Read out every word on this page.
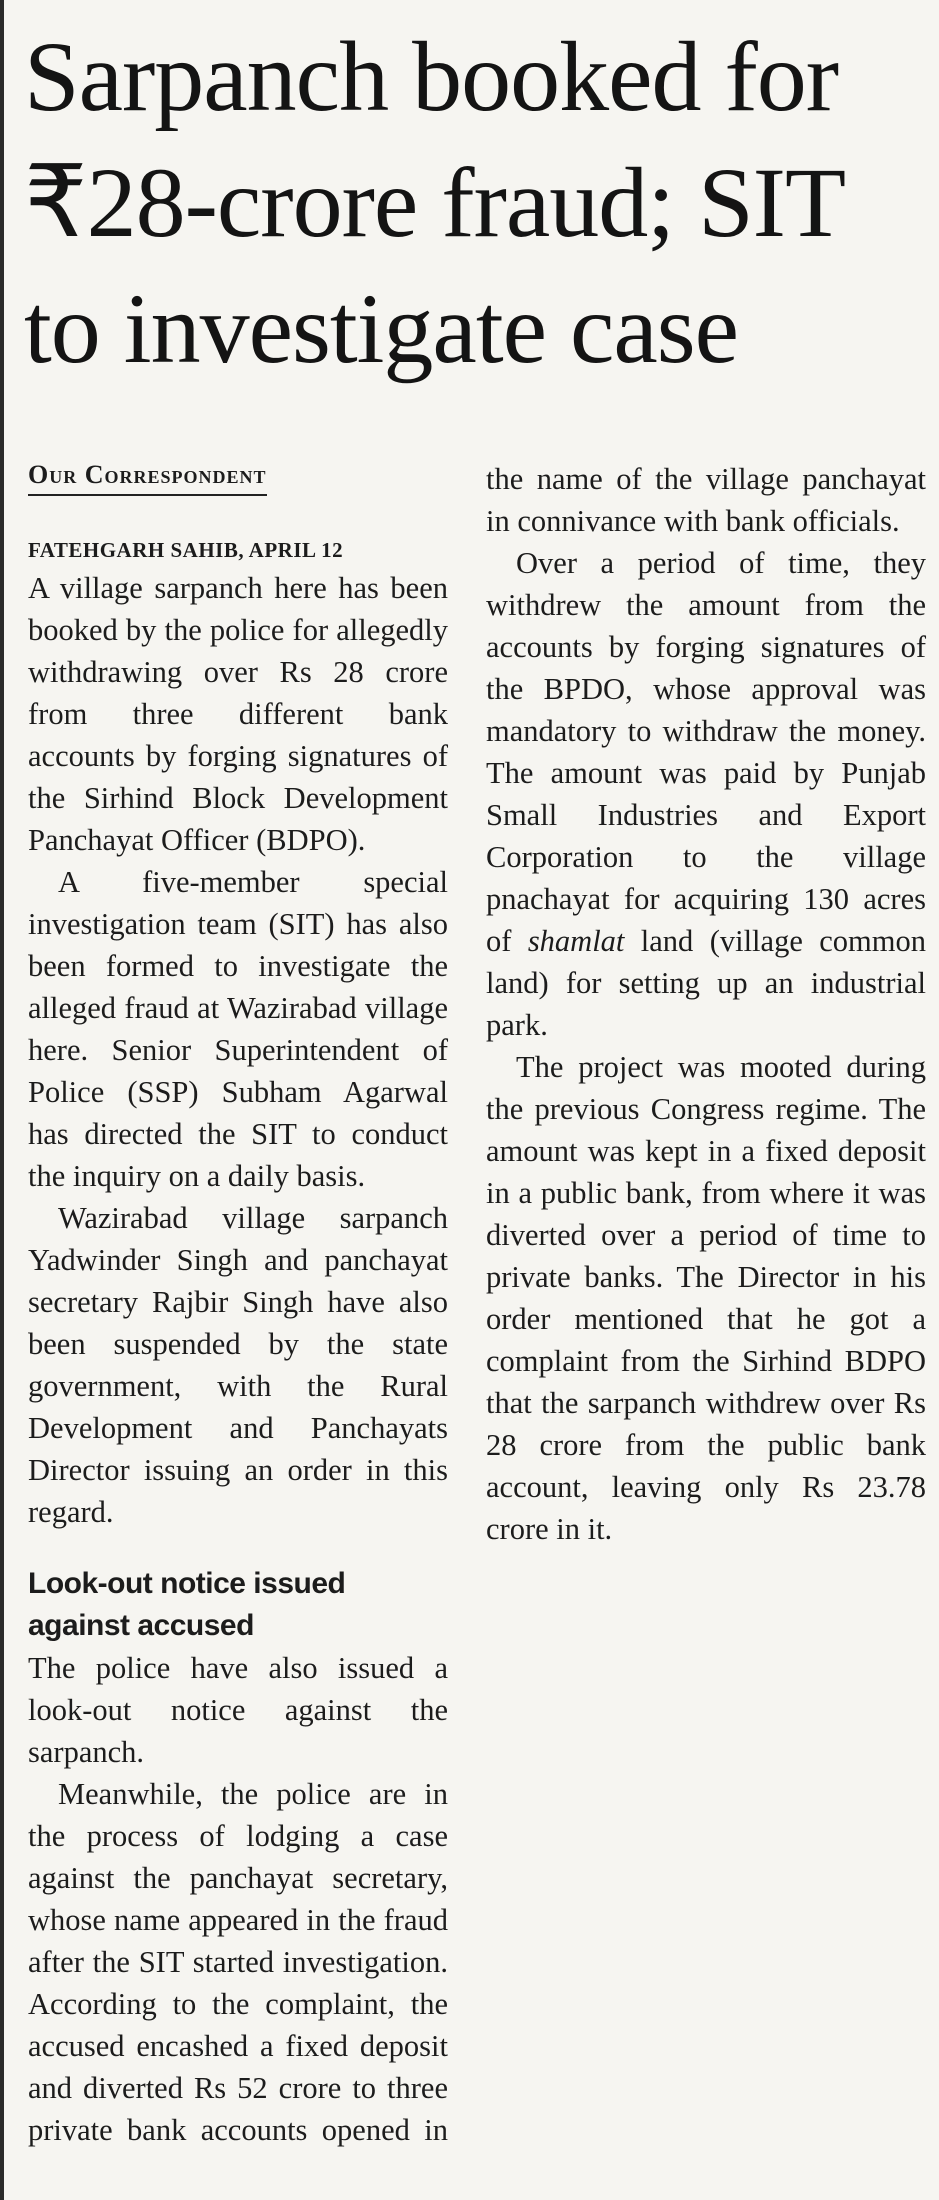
Sarpanch booked for
₹28-crore fraud; SIT
to investigate case
Our Correspondent
FATEHGARH SAHIB, APRIL 12

A village sarpanch here has been booked by the police for allegedly withdrawing over Rs 28 crore from three different bank accounts by forging signatures of the Sirhind Block Development Panchayat Officer (BDPO).

A five-member special investigation team (SIT) has also been formed to investigate the alleged fraud at Wazirabad village here. Senior Superintendent of Police (SSP) Subham Agarwal has directed the SIT to conduct the inquiry on a daily basis.

Wazirabad village sarpanch Yadwinder Singh and panchayat secretary Rajbir Singh have also been suspended by the state government, with the Rural Development and Panchayats Director issuing an order in this regard.

Look-out notice issued against accused

The police have also issued a look-out notice against the sarpanch.

Meanwhile, the police are in the process of lodging a case against the panchayat secretary, whose name appeared in the fraud after the SIT started investigation. According to the complaint, the accused encashed a fixed deposit and diverted Rs 52 crore to three private bank accounts opened in

the name of the village panchayat in connivance with bank officials.

Over a period of time, they withdrew the amount from the accounts by forging signatures of the BPDO, whose approval was mandatory to withdraw the money. The amount was paid by Punjab Small Industries and Export Corporation to the village pnachayat for acquiring 130 acres of shamlat land (village common land) for setting up an industrial park.

The project was mooted during the previous Congress regime. The amount was kept in a fixed deposit in a public bank, from where it was diverted over a period of time to private banks. The Director in his order mentioned that he got a complaint from the Sirhind BDPO that the sarpanch withdrew over Rs 28 crore from the public bank account, leaving only Rs 23.78 crore in it.
